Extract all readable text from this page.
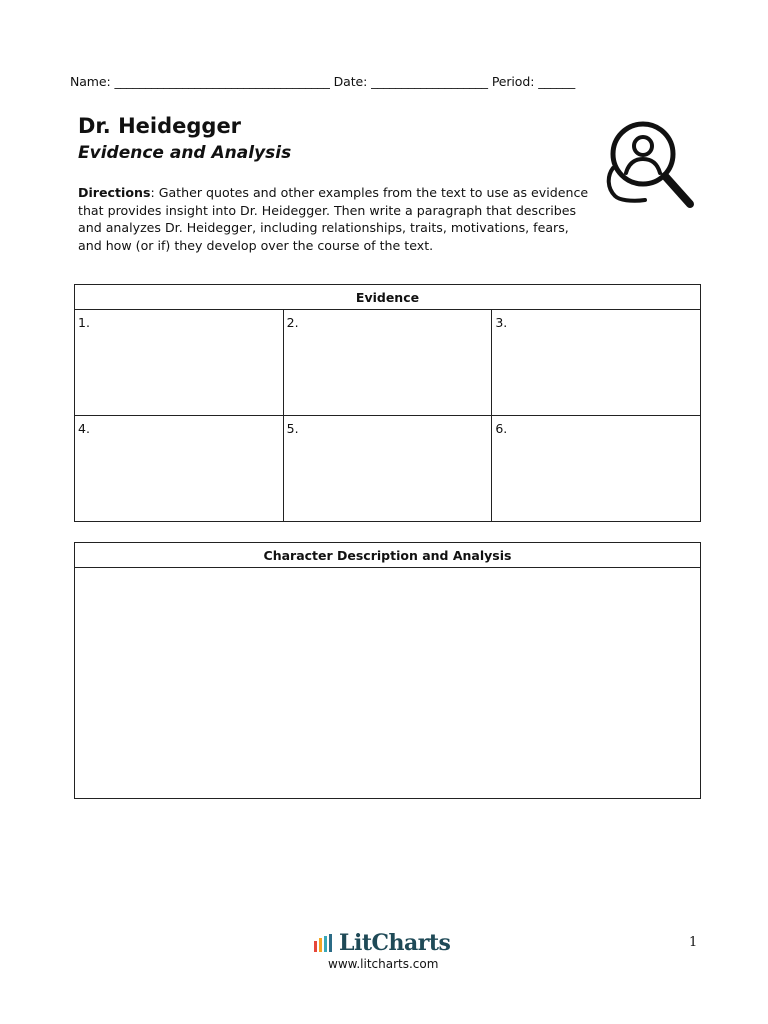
Name: ___________________________________ Date: ___________________ Period: ______
Dr. Heidegger
Evidence and Analysis

Directions: Gather quotes and other examples from the text to use as evidence that provides insight into Dr. Heidegger. Then write a paragraph that describes and analyzes Dr. Heidegger, including relationships, traits, motivations, fears, and how (or if) they develop over the course of the text.

Evidence		
1.	2.	3.
4.	5.	6.
Character Description and Analysis

LitCharts
www.litcharts.com
1
